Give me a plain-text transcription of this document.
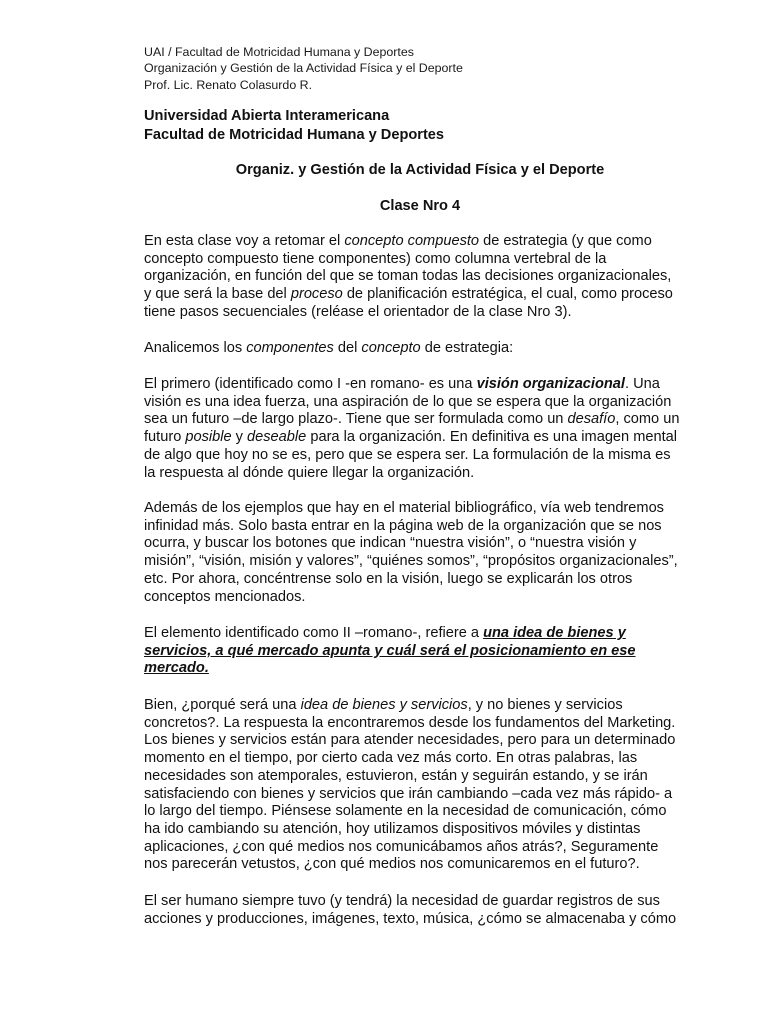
UAI / Facultad de Motricidad Humana y Deportes
Organización y Gestión de la Actividad Física y el Deporte
Prof. Lic. Renato Colasurdo R.
Universidad Abierta Interamericana
Facultad de Motricidad Humana y Deportes
Organiz. y Gestión de la Actividad Física y el Deporte
Clase Nro 4
En esta clase voy a retomar el concepto compuesto de estrategia (y que como
concepto compuesto tiene componentes) como columna vertebral de la
organización, en función del que se toman todas las decisiones organizacionales,
y que será la base del proceso de planificación estratégica, el cual, como proceso
tiene pasos secuenciales (reléase el orientador de la clase Nro 3).
Analicemos los componentes del concepto de estrategia:
El primero (identificado como I -en romano- es una visión organizacional. Una
visión es una idea fuerza, una aspiración de lo que se espera que la organización
sea un futuro –de largo plazo-. Tiene que ser formulada como un desafío, como un
futuro posible y deseable para la organización. En definitiva es una imagen mental
de algo que hoy no se es, pero que se espera ser. La formulación de la misma es
la respuesta al dónde quiere llegar la organización.
Además de los ejemplos que hay en el material bibliográfico, vía web tendremos
infinidad más. Solo basta entrar en la página web de la organización que se nos
ocurra, y buscar los botones que indican “nuestra visión”, o “nuestra visión y
misión”, “visión, misión y valores”, “quiénes somos”, “propósitos organizacionales”,
etc. Por ahora, concéntrense solo en la visión, luego se explicarán los otros
conceptos mencionados.
El elemento identificado como II –romano-, refiere a una idea de bienes y
servicios, a qué mercado apunta y cuál será el posicionamiento en ese
mercado.
Bien, ¿porqué será una idea de bienes y servicios, y no bienes y servicios
concretos?. La respuesta la encontraremos desde los fundamentos del Marketing.
Los bienes y servicios están para atender necesidades, pero para un determinado
momento en el tiempo, por cierto cada vez más corto. En otras palabras, las
necesidades son atemporales, estuvieron, están y seguirán estando, y se irán
satisfaciendo con bienes y servicios que irán cambiando –cada vez más rápido- a
lo largo del tiempo. Piénsese solamente en la necesidad de comunicación, cómo
ha ido cambiando su atención, hoy utilizamos dispositivos móviles y distintas
aplicaciones, ¿con qué medios nos comunicábamos años atrás?, Seguramente
nos parecerán vetustos, ¿con qué medios nos comunicaremos en el futuro?.
El ser humano siempre tuvo (y tendrá) la necesidad de guardar registros de sus
acciones y producciones, imágenes, texto, música, ¿cómo se almacenaba y cómo
